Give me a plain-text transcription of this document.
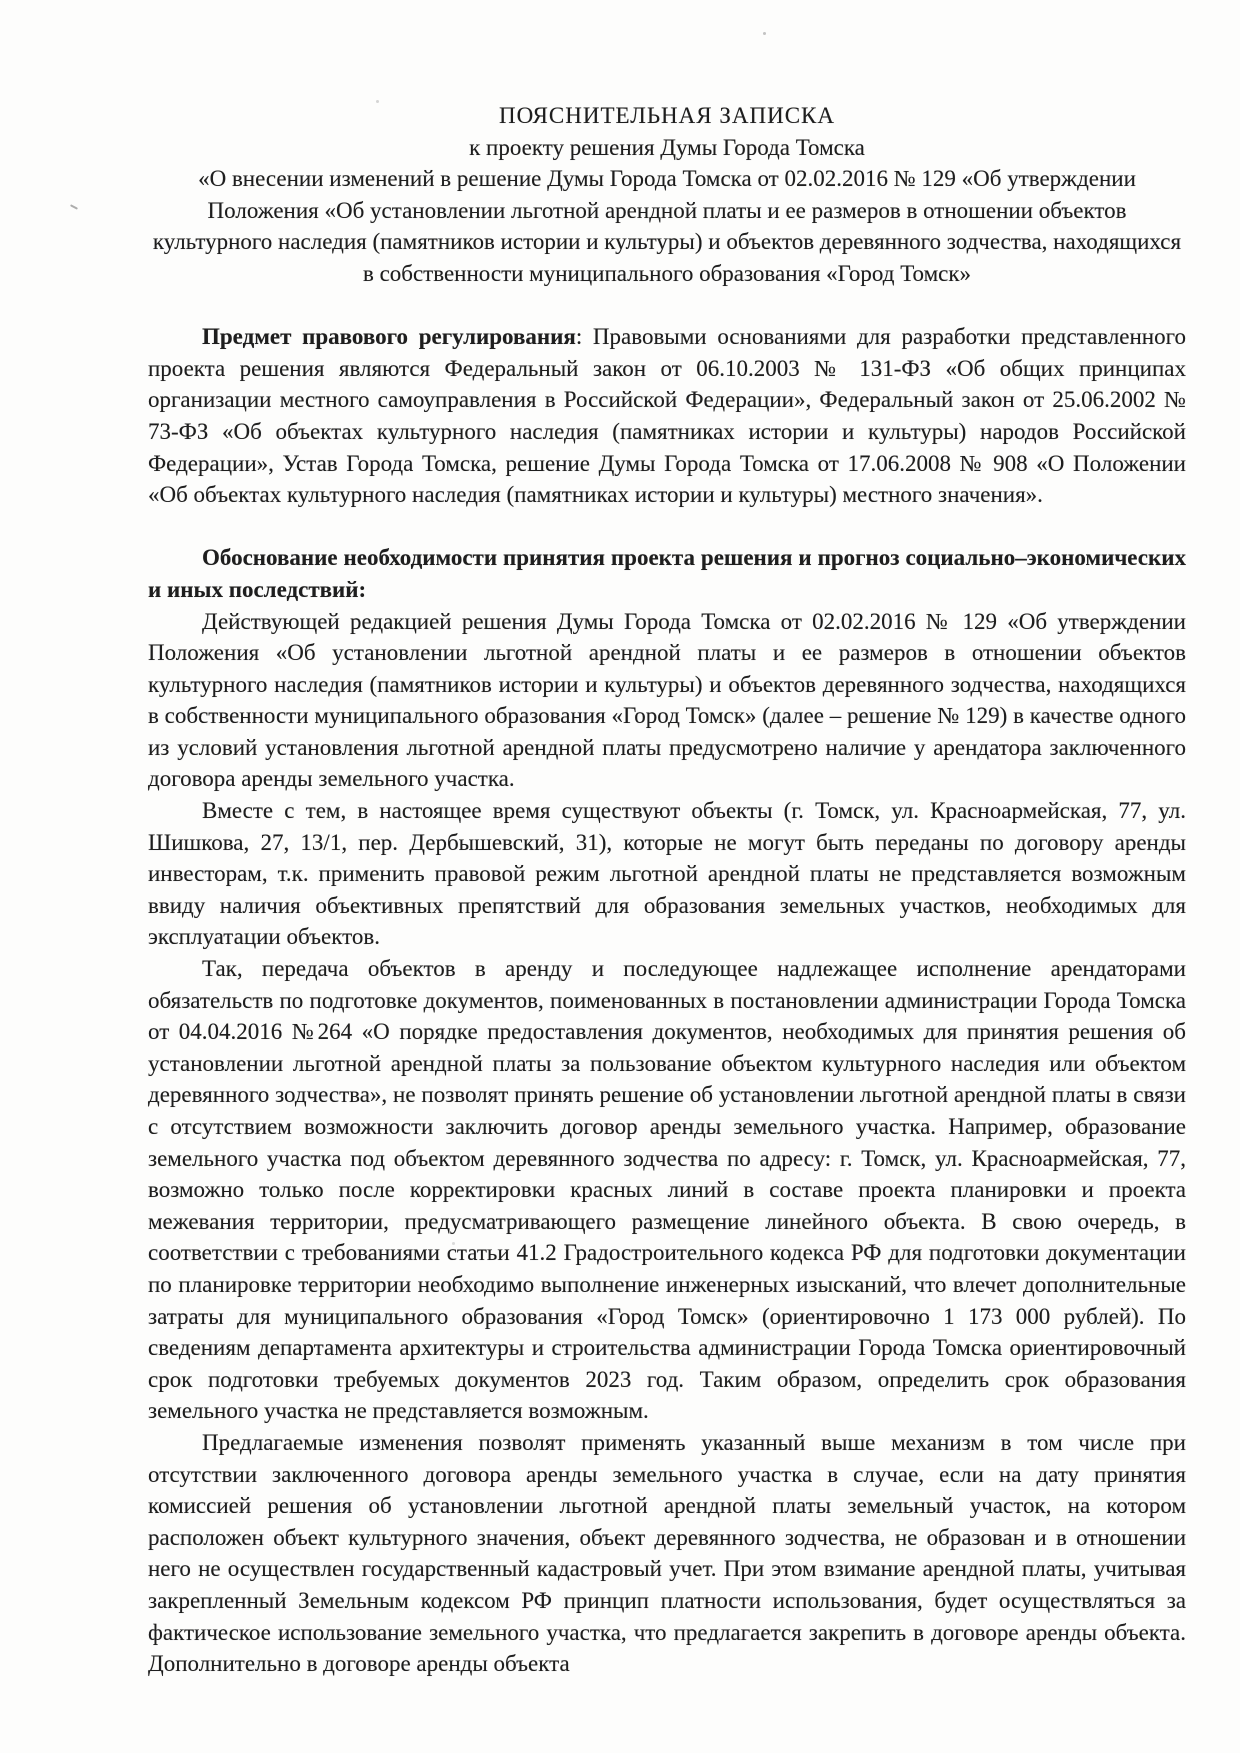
ПОЯСНИТЕЛЬНАЯ ЗАПИСКА
к проекту решения Думы Города Томска
«О внесении изменений в решение Думы Города Томска от 02.02.2016 № 129 «Об утверждении Положения «Об установлении льготной арендной платы и ее размеров в отношении объектов культурного наследия (памятников истории и культуры) и объектов деревянного зодчества, находящихся в собственности муниципального образования «Город Томск»

Предмет правового регулирования: Правовыми основаниями для разработки представленного проекта решения являются Федеральный закон от 06.10.2003 № 131-ФЗ «Об общих принципах организации местного самоуправления в Российской Федерации», Федеральный закон от 25.06.2002 № 73-ФЗ «Об объектах культурного наследия (памятниках истории и культуры) народов Российской Федерации», Устав Города Томска, решение Думы Города Томска от 17.06.2008 № 908 «О Положении «Об объектах культурного наследия (памятниках истории и культуры) местного значения».

Обоснование необходимости принятия проекта решения и прогноз социально–экономических и иных последствий:

Действующей редакцией решения Думы Города Томска от 02.02.2016 № 129 «Об утверждении Положения «Об установлении льготной арендной платы и ее размеров в отношении объектов культурного наследия (памятников истории и культуры) и объектов деревянного зодчества, находящихся в собственности муниципального образования «Город Томск» (далее – решение № 129) в качестве одного из условий установления льготной арендной платы предусмотрено наличие у арендатора заключенного договора аренды земельного участка.

Вместе с тем, в настоящее время существуют объекты (г. Томск, ул. Красноармейская, 77, ул. Шишкова, 27, 13/1, пер. Дербышевский, 31), которые не могут быть переданы по договору аренды инвесторам, т.к. применить правовой режим льготной арендной платы не представляется возможным ввиду наличия объективных препятствий для образования земельных участков, необходимых для эксплуатации объектов.

Так, передача объектов в аренду и последующее надлежащее исполнение арендаторами обязательств по подготовке документов, поименованных в постановлении администрации Города Томска от 04.04.2016 №264 «О порядке предоставления документов, необходимых для принятия решения об установлении льготной арендной платы за пользование объектом культурного наследия или объектом деревянного зодчества», не позволят принять решение об установлении льготной арендной платы в связи с отсутствием возможности заключить договор аренды земельного участка. Например, образование земельного участка под объектом деревянного зодчества по адресу: г. Томск, ул. Красноармейская, 77, возможно только после корректировки красных линий в составе проекта планировки и проекта межевания территории, предусматривающего размещение линейного объекта. В свою очередь, в соответствии с требованиями статьи 41.2 Градостроительного кодекса РФ для подготовки документации по планировке территории необходимо выполнение инженерных изысканий, что влечет дополнительные затраты для муниципального образования «Город Томск» (ориентировочно 1 173 000 рублей). По сведениям департамента архитектуры и строительства администрации Города Томска ориентировочный срок подготовки требуемых документов 2023 год. Таким образом, определить срок образования земельного участка не представляется возможным.

Предлагаемые изменения позволят применять указанный выше механизм в том числе при отсутствии заключенного договора аренды земельного участка в случае, если на дату принятия комиссией решения об установлении льготной арендной платы земельный участок, на котором расположен объект культурного значения, объект деревянного зодчества, не образован и в отношении него не осуществлен государственный кадастровый учет. При этом взимание арендной платы, учитывая закрепленный Земельным кодексом РФ принцип платности использования, будет осуществляться за фактическое использование земельного участка, что предлагается закрепить в договоре аренды объекта. Дополнительно в договоре аренды объекта
